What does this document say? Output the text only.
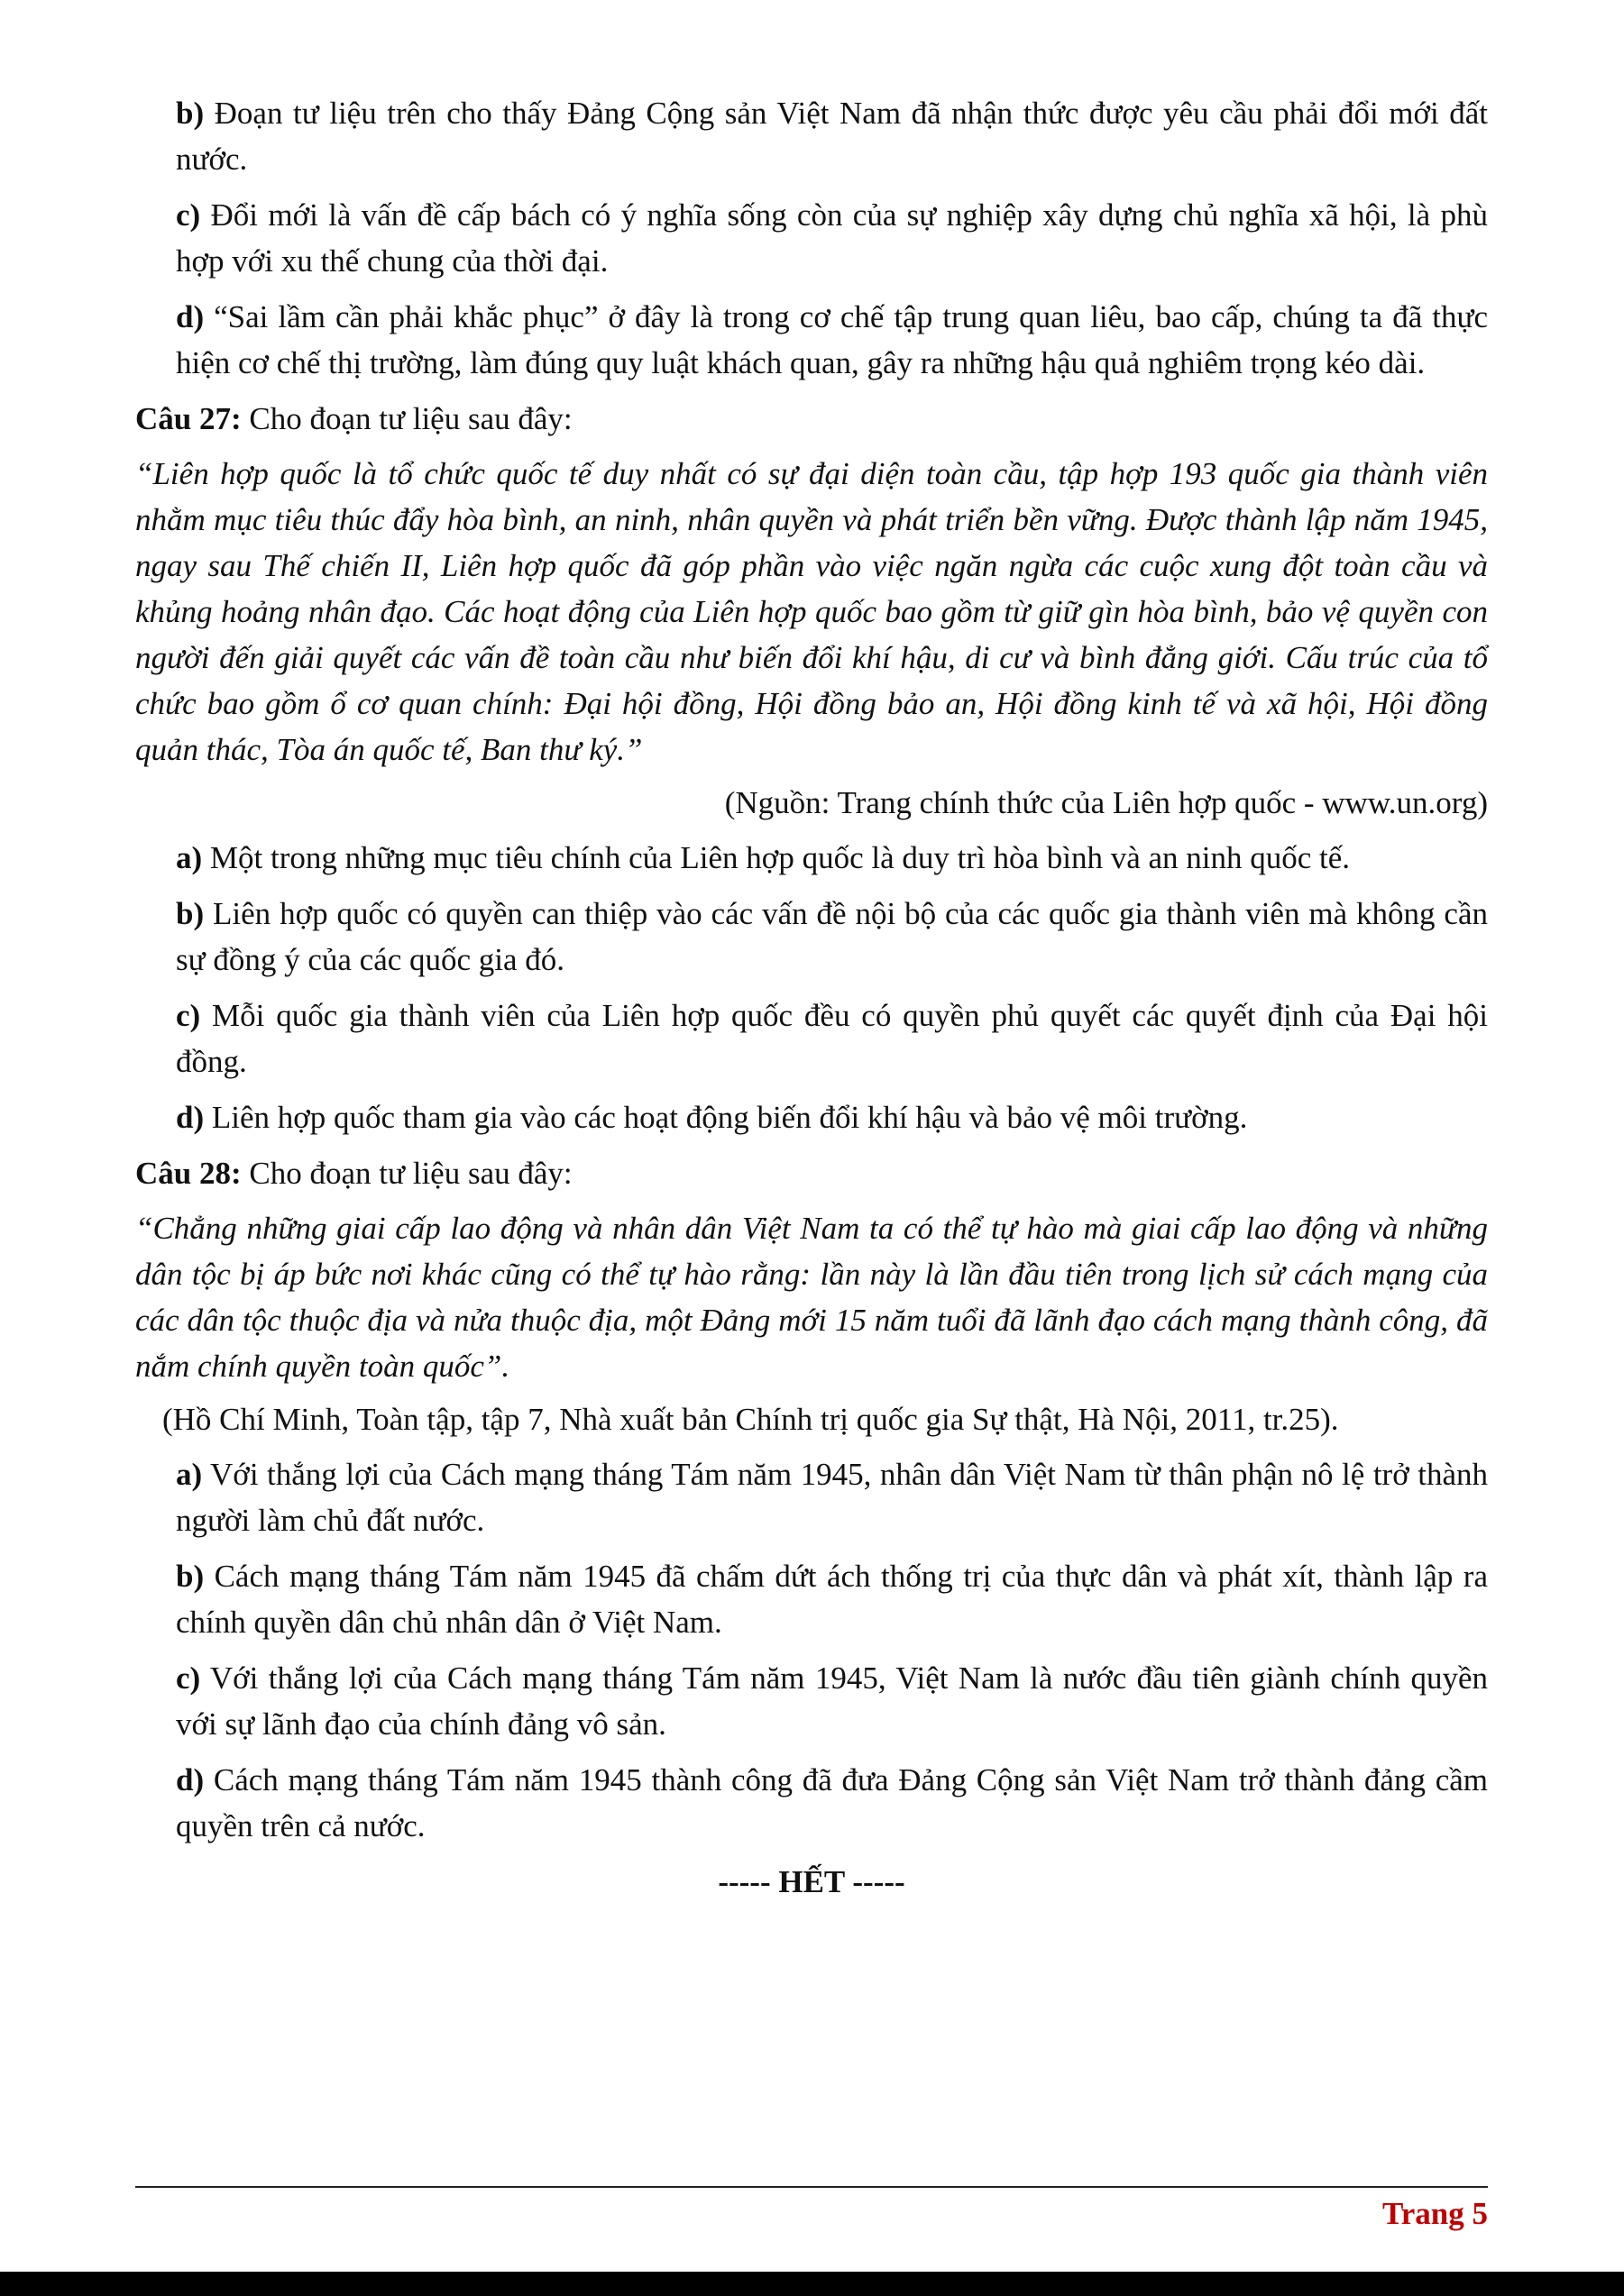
b) Đoạn tư liệu trên cho thấy Đảng Cộng sản Việt Nam đã nhận thức được yêu cầu phải đổi mới đất nước.

c) Đổi mới là vấn đề cấp bách có ý nghĩa sống còn của sự nghiệp xây dựng chủ nghĩa xã hội, là phù hợp với xu thế chung của thời đại.

d) “Sai lầm cần phải khắc phục” ở đây là trong cơ chế tập trung quan liêu, bao cấp, chúng ta đã thực hiện cơ chế thị trường, làm đúng quy luật khách quan, gây ra những hậu quả nghiêm trọng kéo dài.

Câu 27: Cho đoạn tư liệu sau đây:

“Liên hợp quốc là tổ chức quốc tế duy nhất có sự đại diện toàn cầu, tập hợp 193 quốc gia thành viên nhằm mục tiêu thúc đẩy hòa bình, an ninh, nhân quyền và phát triển bền vững. Được thành lập năm 1945, ngay sau Thế chiến II, Liên hợp quốc đã góp phần vào việc ngăn ngừa các cuộc xung đột toàn cầu và khủng hoảng nhân đạo. Các hoạt động của Liên hợp quốc bao gồm từ giữ gìn hòa bình, bảo vệ quyền con người đến giải quyết các vấn đề toàn cầu như biến đổi khí hậu, di cư và bình đẳng giới. Cấu trúc của tổ chức bao gồm ổ cơ quan chính: Đại hội đồng, Hội đồng bảo an, Hội đồng kinh tế và xã hội, Hội đồng quản thác, Tòa án quốc tế, Ban thư ký.”

(Nguồn: Trang chính thức của Liên hợp quốc - www.un.org)

a) Một trong những mục tiêu chính của Liên hợp quốc là duy trì hòa bình và an ninh quốc tế.

b) Liên hợp quốc có quyền can thiệp vào các vấn đề nội bộ của các quốc gia thành viên mà không cần sự đồng ý của các quốc gia đó.

c) Mỗi quốc gia thành viên của Liên hợp quốc đều có quyền phủ quyết các quyết định của Đại hội đồng.

d) Liên hợp quốc tham gia vào các hoạt động biến đổi khí hậu và bảo vệ môi trường.

Câu 28: Cho đoạn tư liệu sau đây:

“Chẳng những giai cấp lao động và nhân dân Việt Nam ta có thể tự hào mà giai cấp lao động và những dân tộc bị áp bức nơi khác cũng có thể tự hào rằng: lần này là lần đầu tiên trong lịch sử cách mạng của các dân tộc thuộc địa và nửa thuộc địa, một Đảng mới 15 năm tuổi đã lãnh đạo cách mạng thành công, đã nắm chính quyền toàn quốc”.

(Hồ Chí Minh, Toàn tập, tập 7, Nhà xuất bản Chính trị quốc gia Sự thật, Hà Nội, 2011, tr.25).

a) Với thắng lợi của Cách mạng tháng Tám năm 1945, nhân dân Việt Nam từ thân phận nô lệ trở thành người làm chủ đất nước.

b) Cách mạng tháng Tám năm 1945 đã chấm dứt ách thống trị của thực dân và phát xít, thành lập ra chính quyền dân chủ nhân dân ở Việt Nam.

c) Với thắng lợi của Cách mạng tháng Tám năm 1945, Việt Nam là nước đầu tiên giành chính quyền với sự lãnh đạo của chính đảng vô sản.

d) Cách mạng tháng Tám năm 1945 thành công đã đưa Đảng Cộng sản Việt Nam trở thành đảng cầm quyền trên cả nước.

----- HẾT -----

Trang 5
